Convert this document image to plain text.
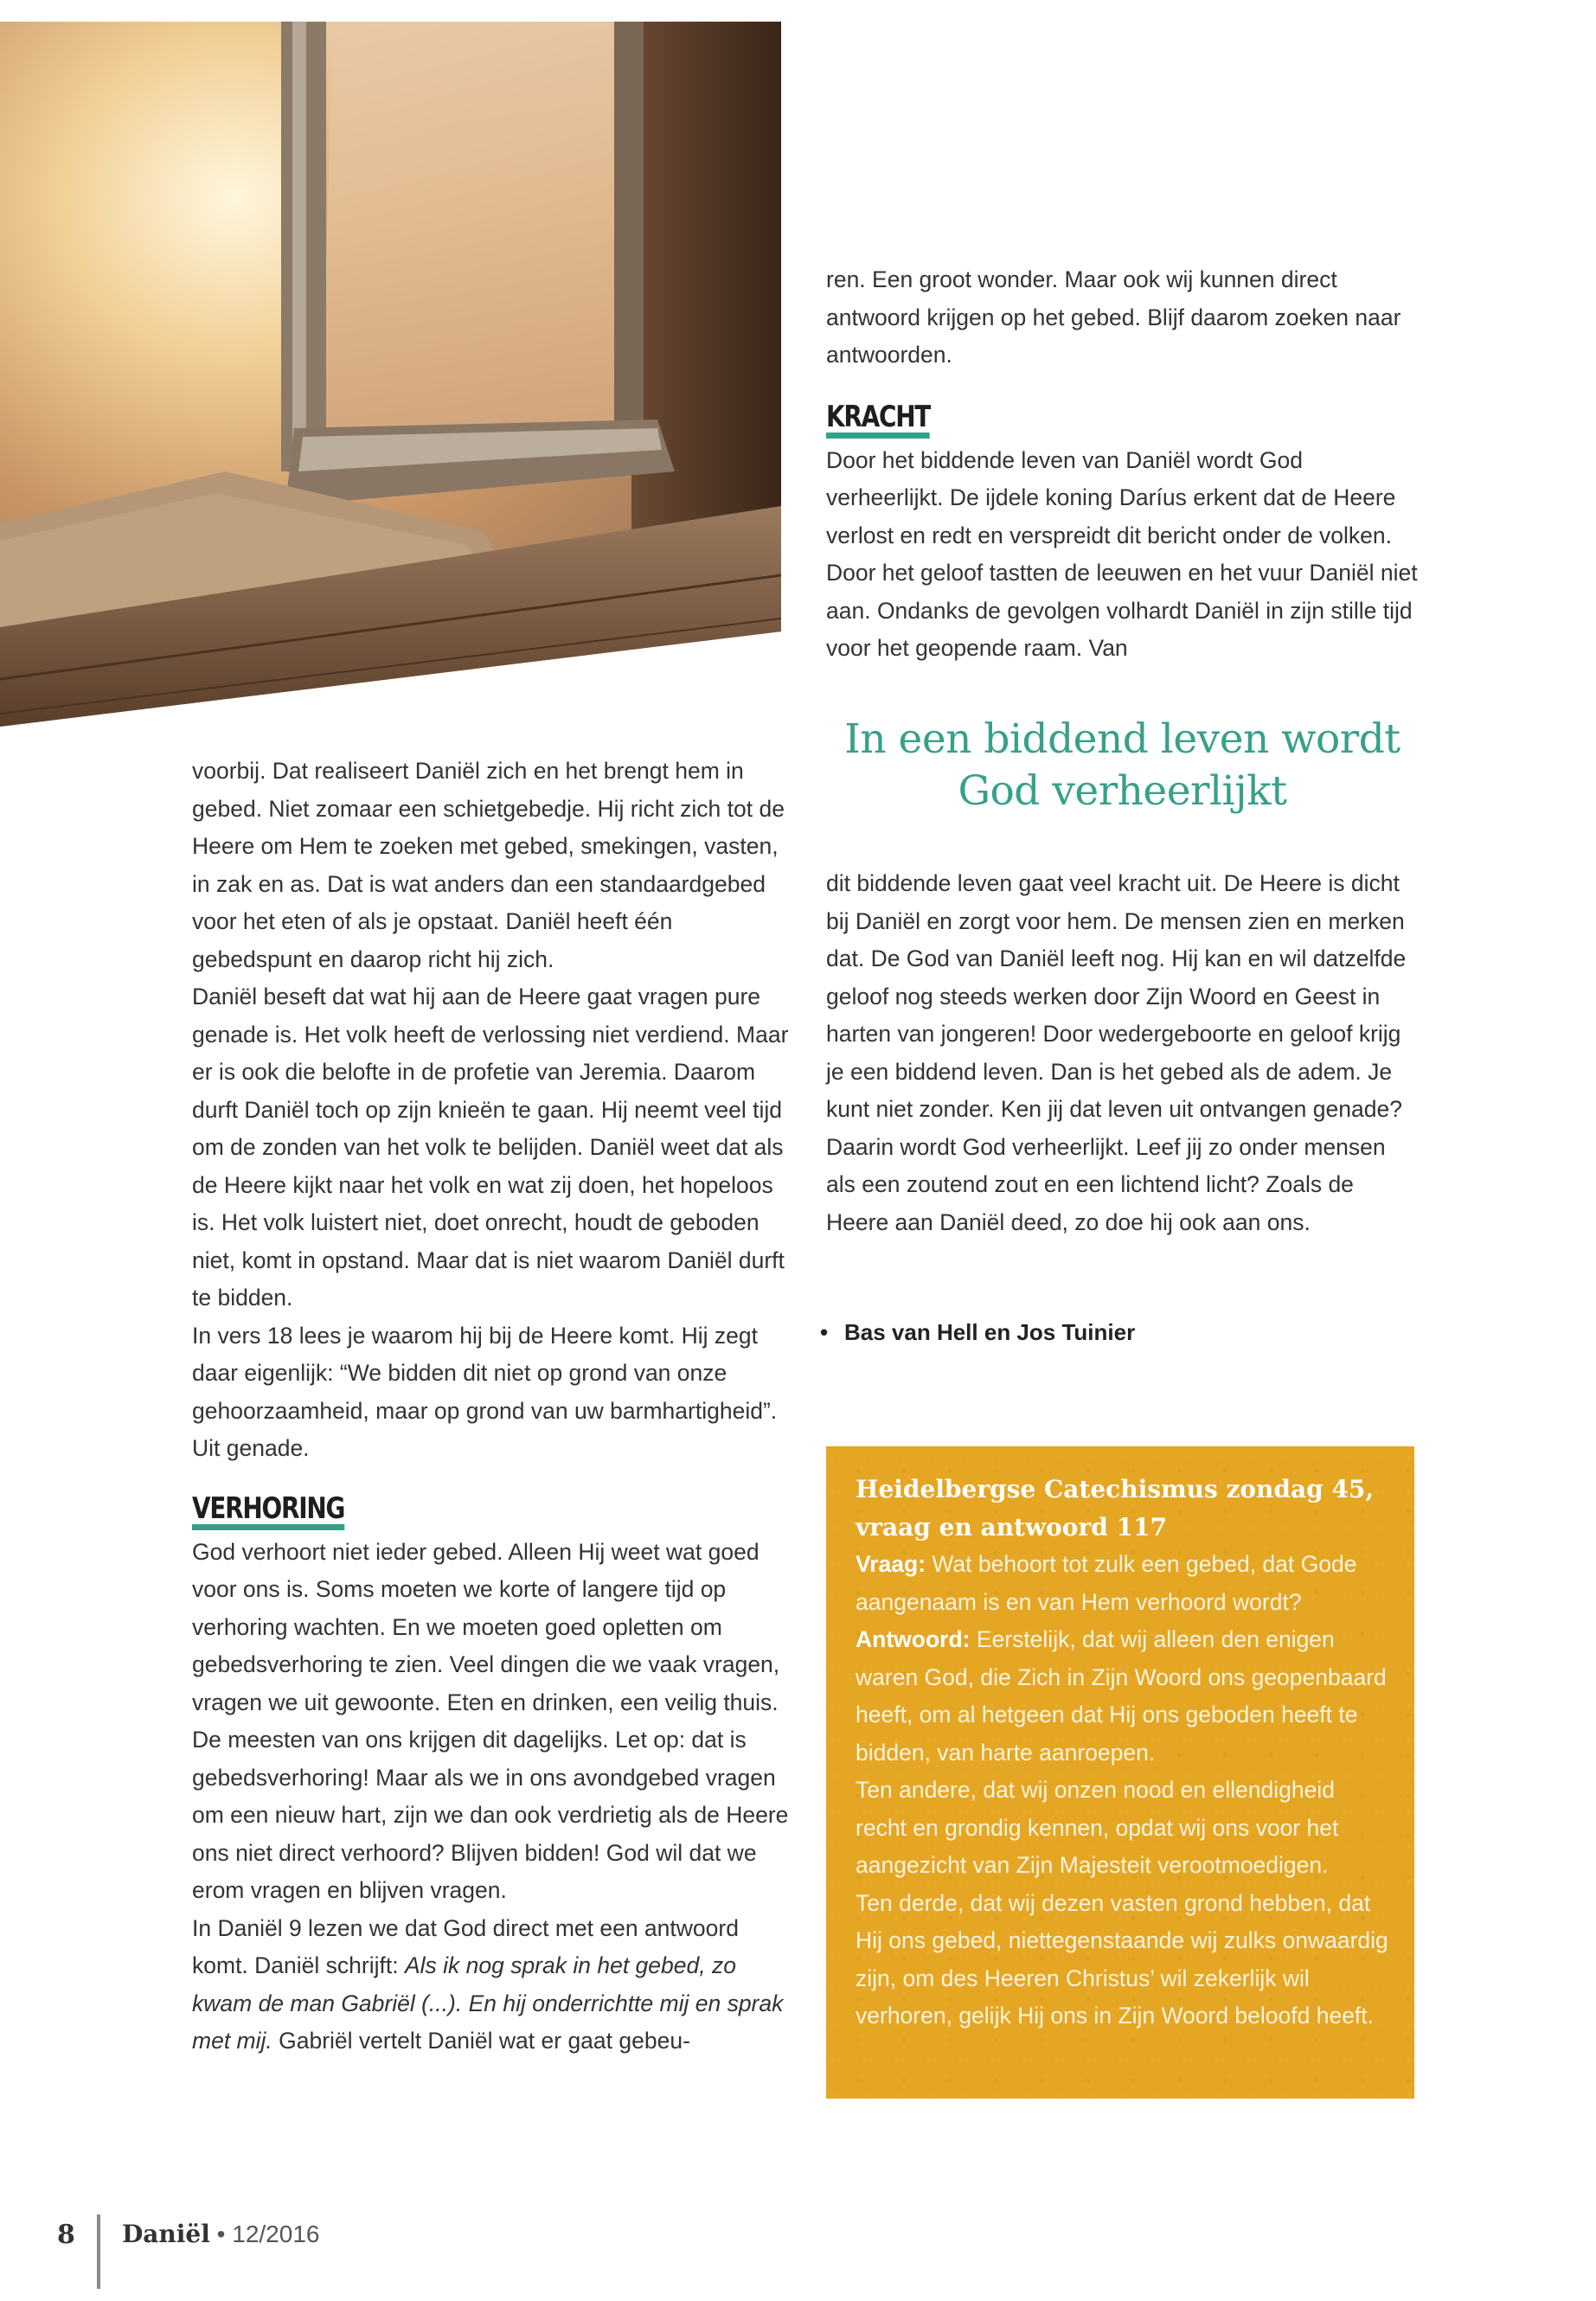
ren. Een groot wonder. Maar ook wij kunnen direct antwoord krijgen op het gebed. Blijf daarom zoeken naar antwoorden.

KRACHT

Door het biddende leven van Daniël wordt God verheerlijkt. De ijdele koning Daríus erkent dat de Heere verlost en redt en verspreidt dit bericht onder de volken. Door het geloof tastten de leeuwen en het vuur Daniël niet aan. Ondanks de gevolgen volhardt Daniël in zijn stille tijd voor het geopende raam. Van

In een biddend leven wordt
God verheerlijkt

voorbij. Dat realiseert Daniël zich en het brengt hem in gebed. Niet zomaar een schietgebedje. Hij richt zich tot de Heere om Hem te zoeken met gebed, smekingen, vasten, in zak en as. Dat is wat anders dan een standaardgebed voor het eten of als je opstaat. Daniël heeft één gebedspunt en daarop richt hij zich.

Daniël beseft dat wat hij aan de Heere gaat vragen pure genade is. Het volk heeft de verlossing niet verdiend. Maar er is ook die belofte in de profetie van Jeremia. Daarom durft Daniël toch op zijn knieën te gaan. Hij neemt veel tijd om de zonden van het volk te belijden. Daniël weet dat als de Heere kijkt naar het volk en wat zij doen, het hopeloos is. Het volk luistert niet, doet onrecht, houdt de geboden niet, komt in opstand. Maar dat is niet waarom Daniël durft te bidden.

In vers 18 lees je waarom hij bij de Heere komt. Hij zegt daar eigenlijk: “We bidden dit niet op grond van onze gehoorzaamheid, maar op grond van uw barmhartigheid”. Uit genade.

VERHORING

God verhoort niet ieder gebed. Alleen Hij weet wat goed voor ons is. Soms moeten we korte of langere tijd op verhoring wachten. En we moeten goed opletten om gebedsverhoring te zien. Veel dingen die we vaak vragen, vragen we uit gewoonte. Eten en drinken, een veilig thuis. De meesten van ons krijgen dit dagelijks. Let op: dat is gebedsverhoring! Maar als we in ons avondgebed vragen om een nieuw hart, zijn we dan ook verdrietig als de Heere ons niet direct verhoord? Blijven bidden! God wil dat we erom vragen en blijven vragen.

In Daniël 9 lezen we dat God direct met een antwoord komt. Daniël schrijft: Als ik nog sprak in het gebed, zo kwam de man Gabriël (...). En hij onderrichtte mij en sprak met mij. Gabriël vertelt Daniël wat er gaat gebeu-

dit biddende leven gaat veel kracht uit. De Heere is dicht bij Daniël en zorgt voor hem. De mensen zien en merken dat. De God van Daniël leeft nog. Hij kan en wil datzelfde geloof nog steeds werken door Zijn Woord en Geest in harten van jongeren! Door wedergeboorte en geloof krijg je een biddend leven. Dan is het gebed als de adem. Je kunt niet zonder. Ken jij dat leven uit ontvangen genade? Daarin wordt God verheerlijkt. Leef jij zo onder mensen als een zoutend zout en een lichtend licht? Zoals de Heere aan Daniël deed, zo doe hij ook aan ons.

• Bas van Hell en Jos Tuinier
Heidelbergse Catechismus zondag 45,
vraag en antwoord 117

Vraag: Wat behoort tot zulk een gebed, dat Gode aangenaam is en van Hem verhoord wordt?

Antwoord: Eerstelijk, dat wij alleen den enigen waren God, die Zich in Zijn Woord ons geopenbaard heeft, om al hetgeen dat Hij ons geboden heeft te bidden, van harte aanroepen.

Ten andere, dat wij onzen nood en ellendigheid recht en grondig kennen, opdat wij ons voor het aangezicht van Zijn Majesteit verootmoedigen.

Ten derde, dat wij dezen vasten grond hebben, dat Hij ons gebed, niettegenstaande wij zulks onwaardig zijn, om des Heeren Christus’ wil zekerlijk wil verhoren, gelijk Hij ons in Zijn Woord beloofd heeft.

8 Daniël • 12/2016
